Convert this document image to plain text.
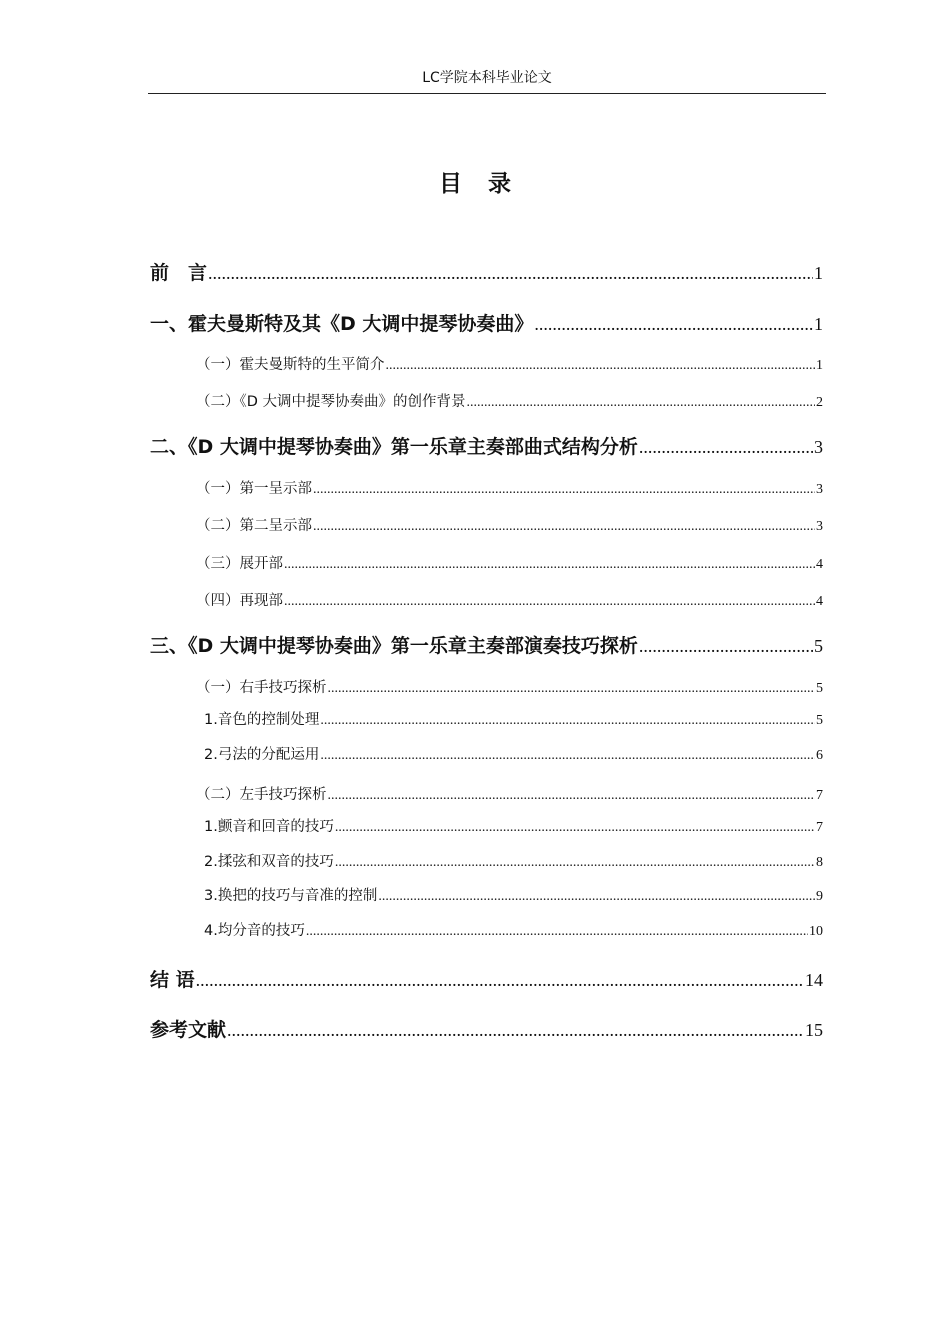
LC学院本科毕业论文
目录
前　言 .....	1
一、霍夫曼斯特及其《D 大调中提琴协奏曲》 .....	1
（一）霍夫曼斯特的生平简介 .....	1
（二）《D 大调中提琴协奏曲》的创作背景 .....	2
二、《D 大调中提琴协奏曲》第一乐章主奏部曲式结构分析 .....	3
（一）第一呈示部 .....	3
（二）第二呈示部 .....	3
（三）展开部 .....	4
（四）再现部 .....	4
三、《D 大调中提琴协奏曲》第一乐章主奏部演奏技巧探析 .....	5
（一）右手技巧探析 .....	5
1.音色的控制处理 .....	5
2.弓法的分配运用 .....	6
（二）左手技巧探析 .....	7
1.颤音和回音的技巧 .....	7
2.揉弦和双音的技巧 .....	8
3.换把的技巧与音准的控制 .....	9
4.均分音的技巧 .....	10
结 语 .....	14
参考文献 .....	15
